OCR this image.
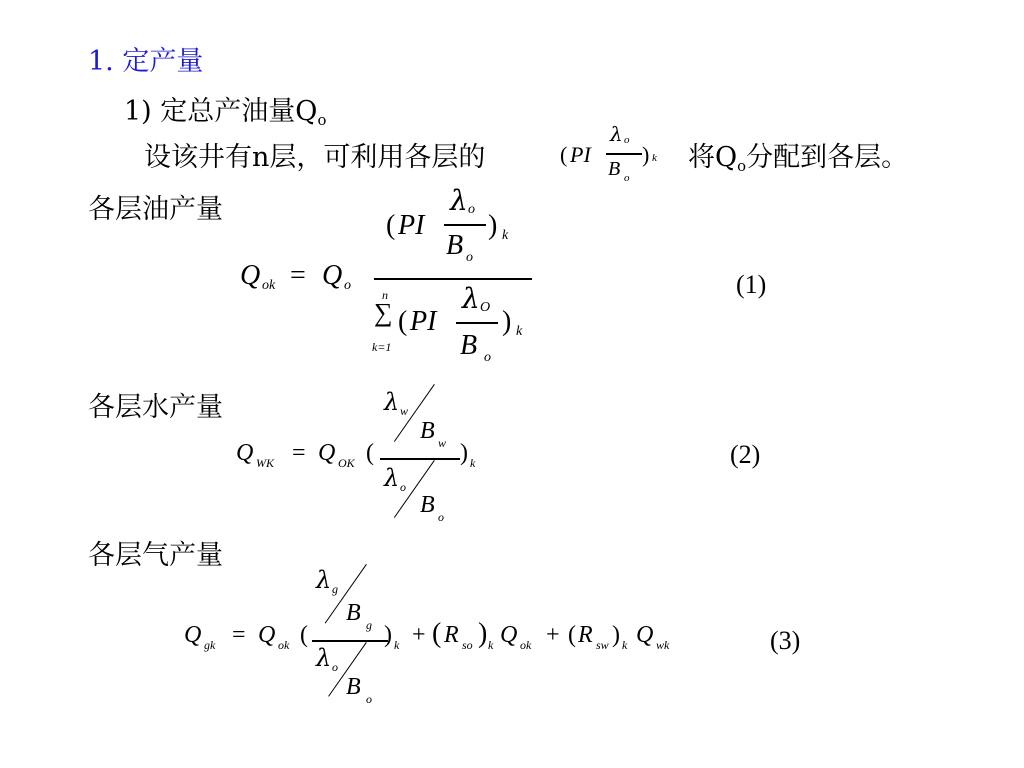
1. 定产量
1) 定总产油量$Q_o$
设该井有n层，可利用各层的	( PI
λ o
B o
) k 将$Q_o$分配到各层。
各层油产量
Q ok = Q o
( PI
λ o
B o
) k
n
∑
k=1
( PI
λ O
B o
) k
(1)
各层水产量
Q WK = Q OK (
λ w
B w
λ o
B o
) k	(2)
各层气产量
Q gk = Q ok (
λ g
B g
λ o
B o
) k + ( R so ) k Q ok + ( R sw ) k Q wk	(3)
